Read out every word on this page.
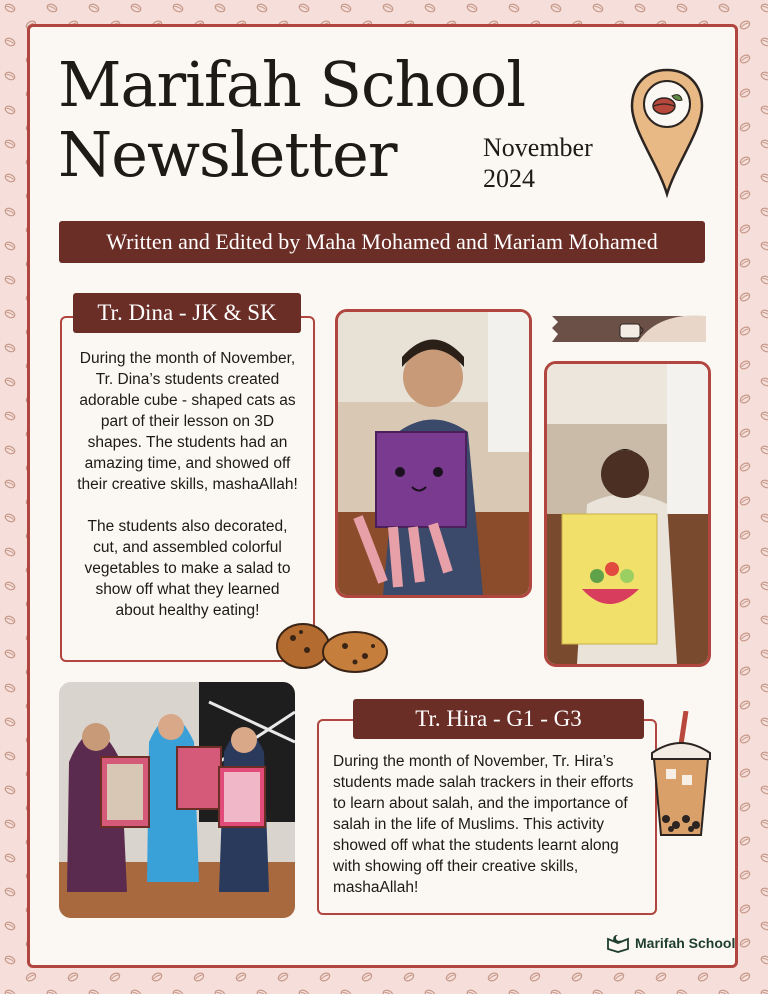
Marifah School
Newsletter	November
2024
Written and Edited by Maha Mohamed and Mariam Mohamed

During the month of November, Tr. Dina’s students created adorable cube - shaped cats as part of their lesson on 3D shapes. The students had an amazing time, and showed off their creative skills, mashaAllah!

The students also decorated, cut, and assembled colorful vegetables to make a salad to show off what they learned about healthy eating!

Tr. Dina - JK & SK

During the month of November, Tr. Hira’s students made salah trackers in their efforts to learn about salah, and the importance of salah in the life of Muslims. This activity showed off what the students learnt along with showing off their creative skills, mashaAllah!

Tr. Hira - G1 - G3
Marifah School
